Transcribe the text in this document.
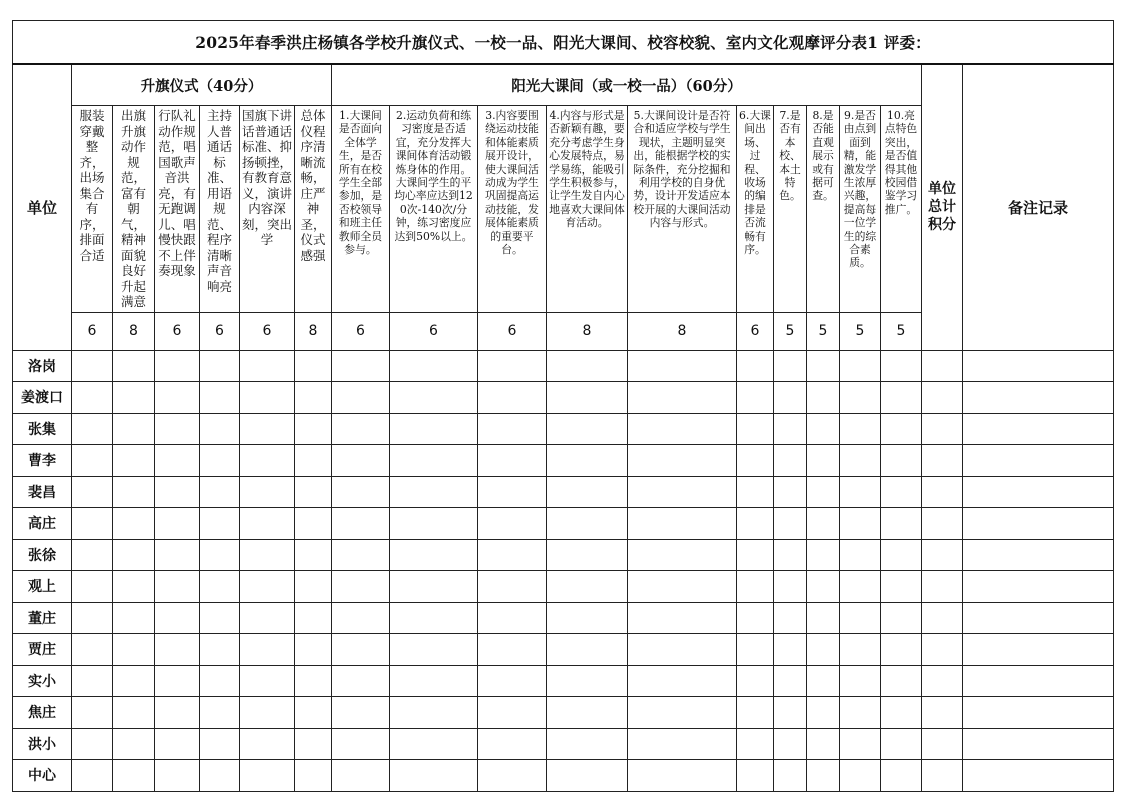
2025年春季洪庄杨镇各学校升旗仪式、一校一品、阳光大课间、校容校貌、室内文化观摩评分表1 评委：																		
单位	升旗仪式（40分）						阳光大课间（或一校一品）（60分）										单位总计积分	备注记录
	服装穿戴整齐，出场集合有序，排面合适	出旗升旗动作规范，富有朝气，精神面貌良好升起满意	行队礼动作规范，唱国歌声音洪亮，有无跑调儿、唱慢快跟不上伴奏现象	主持人普通话标准、用语规范、程序清晰声音响亮	国旗下讲话普通话标准、抑扬顿挫，有教育意义，演讲内容深刻，突出学	总体仪程序清晰流畅，庄严神圣，仪式感强	1.大课间是否面向全体学生，是否所有在校学生全部参加，是否校领导和班主任教师全员参与。	2.运动负荷和练习密度是否适宜，充分发挥大课间体育活动锻炼身体的作用。大课间学生的平均心率应达到120次-140次/分钟，练习密度应达到50%以上。	3.内容要围绕运动技能和体能素质展开设计，使大课间活动成为学生巩固提高运动技能，发展体能素质的重要平台。	4.内容与形式是否新颖有趣，要充分考虑学生身心发展特点，易学易练，能吸引学生积极参与，让学生发自内心地喜欢大课间体育活动。	5.大课间设计是否符合和适应学校与学生现状，主题明显突出，能根据学校的实际条件，充分挖掘和利用学校的自身优势，设计开发适应本校开展的大课间活动内容与形式。	6.大课间出场、过程、收场的编排是否流畅有序。	7.是否有本校、本土特色。	8.是否能直观展示或有据可查。	9.是否由点到面到精，能激发学生浓厚兴趣，提高每一位学生的综合素质。	10.亮点特色突出，是否值得其他校园借鉴学习推广。		
	6	8	6	6	6	8	6	6	6	8	8	6	5	5	5	5		
洛岗																		
姜渡口																		
张集																		
曹李																		
裴昌																		
高庄																		
张徐																		
观上																		
董庄																		
贾庄																		
实小																		
焦庄																		
洪小																		
中心																		
